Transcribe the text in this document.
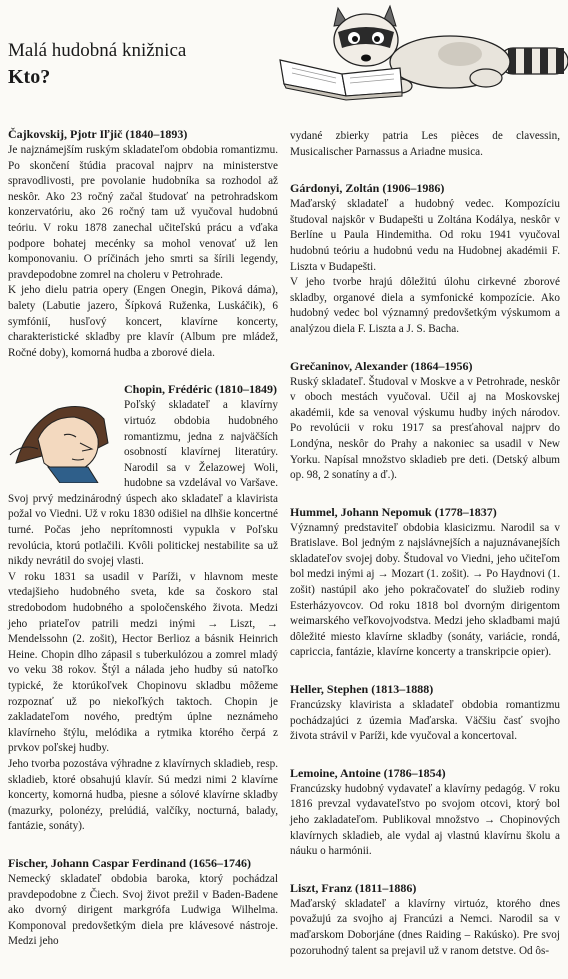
Malá hudobná knižnica
Kto?
Čajkovskij, Pjotr Iľjič (1840–1893)

Je najznámejším ruským skladateľom obdobia romantizmu. Po skončení štúdia pracoval najprv na ministerstve spravodlivosti, pre povolanie hudobníka sa rozhodol až neskôr. Ako 23 ročný začal študovať na petrohradskom konzervatóriu, ako 26 ročný tam už vyučoval hudobnú teóriu. V roku 1878 zanechal učiteľskú prácu a vďaka podpore bohatej mecénky sa mohol venovať už len komponovaniu. O príčinách jeho smrti sa šírili legendy, pravdepodobne zomrel na choleru v Petrohrade.

K jeho dielu patria opery (Engen Onegin, Piková dáma), balety (Labutie jazero, Šípková Ruženka, Luskáčik), 6 symfónií, husľový koncert, klavírne koncerty, charakteristické skladby pre klavír (Album pre mládež, Ročné doby), komorná hudba a zborové diela.

Chopin, Frédéric (1810–1849)

Poľský skladateľ a klavírny virtuóz obdobia hudobného romantizmu, jedna z najväčších osobností klavírnej literatúry. Narodil sa v Želazowej Woli, hudobne sa vzdelával vo Varšave. Svoj prvý medzinárodný úspech ako skladateľ a klavirista požal vo Viedni. Už v roku 1830 odišiel na dlhšie koncertné turné. Počas jeho neprítomnosti vypukla v Poľsku revolúcia, ktorú potlačili. Kvôli politickej nestabilite sa už nikdy nevrátil do svojej vlasti.

V roku 1831 sa usadil v Paríži, v hlavnom meste vtedajšieho hudobného sveta, kde sa čoskoro stal stredobodom hudobného a spoločenského života. Medzi jeho priateľov patrili medzi inými → Liszt, → Mendelssohn (2. zošit), Hector Berlioz a básnik Heinrich Heine. Chopin dlho zápasil s tuberkulózou a zomrel mladý vo veku 38 rokov. Štýl a nálada jeho hudby sú natoľko typické, že ktorúkoľvek Chopinovu skladbu môžeme rozpoznať už po niekoľkých taktoch. Chopin je zakladateľom nového, predtým úplne neznámeho klavírneho štýlu, melódika a rytmika ktorého čerpá z prvkov poľskej hudby.

Jeho tvorba pozostáva výhradne z klavírnych skladieb, resp. skladieb, ktoré obsahujú klavír. Sú medzi nimi 2 klavírne koncerty, komorná hudba, piesne a sólové klavírne skladby (mazurky, polonézy, prelúdiá, valčíky, nocturná, balady, fantázie, sonáty).

Fischer, Johann Caspar Ferdinand (1656–1746)

Nemecký skladateľ obdobia baroka, ktorý pochádzal pravdepodobne z Čiech. Svoj život prežil v Baden-Badene ako dvorný dirigent markgrófa Ludwiga Wilhelma. Komponoval predovšetkým diela pre klávesové nástroje. Medzi jeho

vydané zbierky patria Les pièces de clavessin, Musicalischer Parnassus a Ariadne musica.

Gárdonyi, Zoltán (1906–1986)

Maďarský skladateľ a hudobný vedec. Kompozíciu študoval najskôr v Budapešti u Zoltána Kodálya, neskôr v Berlíne u Paula Hindemitha. Od roku 1941 vyučoval hudobnú teóriu a hudobnú vedu na Hudobnej akadémii F. Liszta v Budapešti.

V jeho tvorbe hrajú dôležitú úlohu cirkevné zborové skladby, organové diela a symfonické kompozície. Ako hudobný vedec bol významný predovšetkým výskumom a analýzou diela F. Liszta a J. S. Bacha.

Grečaninov, Alexander (1864–1956)

Ruský skladateľ. Študoval v Moskve a v Petrohrade, neskôr v oboch mestách vyučoval. Učil aj na Moskovskej akadémii, kde sa venoval výskumu hudby iných národov. Po revolúcii v roku 1917 sa presťahoval najprv do Londýna, neskôr do Prahy a nakoniec sa usadil v New Yorku. Napísal množstvo skladieb pre deti. (Detský album op. 98, 2 sonatíny a ď.).

Hummel, Johann Nepomuk (1778–1837)

Významný predstaviteľ obdobia klasicizmu. Narodil sa v Bratislave. Bol jedným z najslávnejších a najuznávanejších skladateľov svojej doby. Študoval vo Viedni, jeho učiteľom bol medzi inými aj → Mozart (1. zošit). → Po Haydnovi (1. zošit) nastúpil ako jeho pokračovateľ do služieb rodiny Esterházyovcov. Od roku 1818 bol dvorným dirigentom weimarského veľkovojvodstva. Medzi jeho skladbami majú dôležité miesto klavírne skladby (sonáty, variácie, rondá, capriccia, fantázie, klavírne koncerty a transkripcie opier).

Heller, Stephen (1813–1888)

Francúzsky klavirista a skladateľ obdobia romantizmu pochádzajúci z územia Maďarska. Väčšiu časť svojho života strávil v Paríži, kde vyučoval a koncertoval.

Lemoine, Antoine (1786–1854)

Francúzsky hudobný vydavateľ a klavírny pedagóg. V roku 1816 prevzal vydavateľstvo po svojom otcovi, ktorý bol jeho zakladateľom. Publikoval množstvo → Chopinových klavírnych skladieb, ale vydal aj vlastnú klavírnu školu a náuku o harmónii.

Liszt, Franz (1811–1886)

Maďarský skladateľ a klavírny virtuóz, ktorého dnes považujú za svojho aj Francúzi a Nemci. Narodil sa v maďarskom Doborjáne (dnes Raiding – Rakúsko). Pre svoj pozoruhodný talent sa prejavil už v ranom detstve. Od ôs-
